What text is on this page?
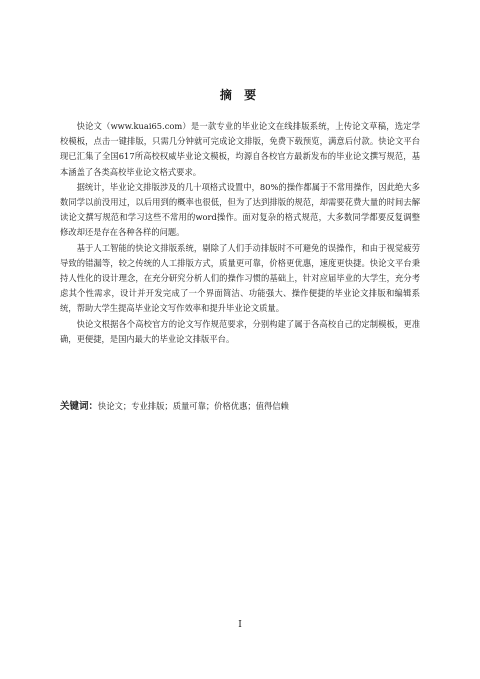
摘 要

快论文（www.kuai65.com）是一款专业的毕业论文在线排版系统，上传论文草稿，选定学校模板，点击一键排版，只需几分钟就可完成论文排版，免费下载预览，满意后付款。快论文平台现已汇集了全国617所高校权威毕业论文模板，均源自各校官方最新发布的毕业论文撰写规范，基本涵盖了各类高校毕业论文格式要求。

据统计，毕业论文排版涉及的几十项格式设置中，80%的操作都属于不常用操作，因此绝大多数同学以前没用过，以后用到的概率也很低，但为了达到排版的规范，却需要花费大量的时间去解读论文撰写规范和学习这些不常用的word操作。面对复杂的格式规范，大多数同学都要反复调整修改却还是存在各种各样的问题。

基于人工智能的快论文排版系统，剔除了人们手动排版时不可避免的误操作，和由于视觉疲劳导致的错漏等，较之传统的人工排版方式，质量更可靠，价格更优惠，速度更快捷。快论文平台秉持人性化的设计理念，在充分研究分析人们的操作习惯的基础上，针对应届毕业的大学生，充分考虑其个性需求，设计并开发完成了一个界面简洁、功能强大、操作便捷的毕业论文排版和编辑系统，帮助大学生提高毕业论文写作效率和提升毕业论文质量。

快论文根据各个高校官方的论文写作规范要求，分别构建了属于各高校自己的定制模板，更准确，更便捷，是国内最大的毕业论文排版平台。

关键词：快论文；专业排版；质量可靠；价格优惠；值得信赖
I
